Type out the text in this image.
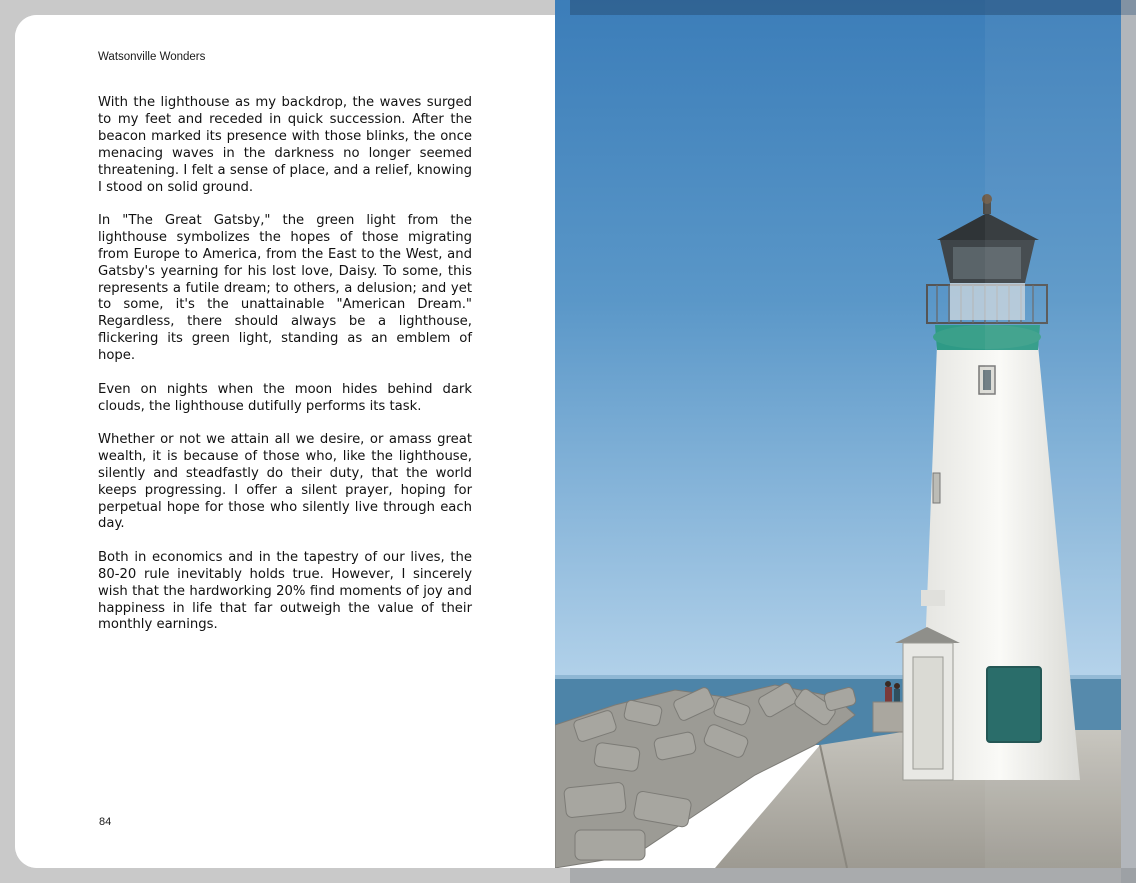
Watsonville Wonders

With the lighthouse as my backdrop, the waves surged to my feet and receded in quick succession. After the beacon marked its presence with those blinks, the once menacing waves in the darkness no longer seemed threatening. I felt a sense of place, and a relief, knowing I stood on solid ground.

In "The Great Gatsby," the green light from the lighthouse symbolizes the hopes of those migrating from Europe to America, from the East to the West, and Gatsby's yearning for his lost love, Daisy. To some, this represents a futile dream; to others, a delusion; and yet to some, it's the unattainable "American Dream." Regardless, there should always be a lighthouse, flickering its green light, standing as an emblem of hope.

Even on nights when the moon hides behind dark clouds, the lighthouse dutifully performs its task.

Whether or not we attain all we desire, or amass great wealth, it is because of those who, like the lighthouse, silently and steadfastly do their duty, that the world keeps progressing. I offer a silent prayer, hoping for perpetual hope for those who silently live through each day.

Both in economics and in the tapestry of our lives, the 80-20 rule inevitably holds true. However, I sincerely wish that the hardworking 20% find moments of joy and happiness in life that far outweigh the value of their monthly earnings.

84
